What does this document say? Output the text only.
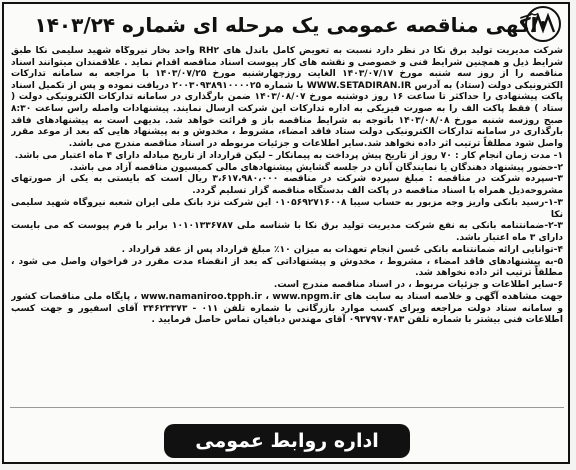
آگهی مناقصه عمومی یک مرحله ای شماره ۱۴۰۳/۲۴

شرکت مدیریت تولید برق نکا در نظر دارد نسبت به تعویض کامل باندل های RH۲ واحد بخار نیروگاه شهید سلیمی نکا طبق شرایط ذیل و همچنین شرایط فنی و خصوصی و نقشه های کار پیوست اسناد مناقصه اقدام نماید . علاقمندان میتوانند اسناد مناقصه را از روز سه شنبه مورخ ۱۴۰۳/۰۷/۱۷ الغایت روزچهارشنبه مورخ ۱۴۰۳/۰۷/۲۵ با مراجعه به سامانه تدارکات الکترونیکی دولت (ستاد) به آدرس WWW.SETADIRAN.IR با شماره ۲۰۰۳۰۹۳۸۹۱۰۰۰۰۲۵ دریافت نموده و پس از تکمیل اسناد پاکت پیشنهادی را حداکثر تا ساعت ۱۶ روز دوشنبه مورخ ۱۴۰۳/۰۸/۰۷ ضمن بارگذاری در سامانه تدارکات الکترونیکی دولت ( ستاد ) فقط پاکت الف را به صورت فیزیکی به اداره تدارکات این شرکت ارسال نمایند. پیشنهادات واصله راس ساعت ۸:۳۰ صبح روزسه شنبه مورخ ۱۴۰۳/۰۸/۰۸ باتوجه به شرایط مناقصه باز و قرائت خواهد شد. بدیهی است به پیشنهادهای فاقد بارگذاری در سامانه تدارکات الکترونیکی دولت ستاد فاقد امضاء، مشروط ، مخدوش و به پیشنهاد هایی که بعد از موعد مقرر واصل شود مطلقاً ترتیب اثر داده نخواهد شد.سایر اطلاعات و جزئیات مربوطه در اسناد مناقصه مندرج می باشد.

۱- مدت زمان انجام کار : ۷۰ روز از تاریخ پیش پرداخت به پیمانکار – لیکن قرارداد از تاریخ مبادله دارای ۴ ماه اعتبار می باشد.

۲-حضور پیشنهاد دهندگان یا نمایندگان آنان در جلسه گشایش پیشنهادهای مالی کمیسیون مناقصه آزاد می باشد.

۳-سپرده شرکت در مناقصه : مبلغ سپرده شرکت در مناقصه ۳،۶۱۷،۹۸۰،۰۰۰ ریال است که بایستی به یکی از صورتهای مشروحه‌ذیل همراه با اسناد مناقصه در پاکت الف بدستگاه مناقصه گزار تسلیم گردد.

۱-۳-رسید بانکی واریز وجه مزبور به حساب سیبا ۰۱۰۵۶۹۲۷۱۶۰۰۸ این شرکت نزد بانک ملی ایران شعبه نیروگاه شهید سلیمی نکا

۲-۳-ضمانتنامه بانکی به نفع شرکت مدیریت تولید برق نکا با شناسه ملی ۱۰۱۰۱۳۳۶۷۸۷ برابر با فرم پیوست که می بایست دارای ۳ ماه اعتبار باشد.

۴-توانایی ارائه ضمانتنامه بانکی حُسن انجام تعهدات به میزان ۱۰٪ مبلغ قرارداد پس از عقد قرارداد .

۵-به پیشنهادهای فاقد امضاء ، مشروط ، مخدوش و پیشنهاداتی که بعد از انقضاء مدت مقرر در فراخوان واصل می شود ، مطلقاً ترتیب اثر داده نخواهد شد.

۶-سایر اطلاعات و جزئیات مربوط ، در اسناد مناقصه مندرج است.

جهت مشاهده آگهی و خلاصه اسناد به سایت های www.namaniroo.tpph.ir ، www.npgm.ir ، پایگاه ملی مناقصات کشور و سامانه ستاد دولت مراجعه ویرای کسب موارد بازرگانی با شماره تلفن ۰۱۱ - ۳۴۶۲۳۳۷۳ آقای اسفیور و جهت کسب اطلاعات فنی بیشتر با شماره تلفن ۰۹۳۷۹۷۰۴۸۳ آقای مهندس دبافیان تماس حاصل فرمایید .

اداره روابط عمومی
